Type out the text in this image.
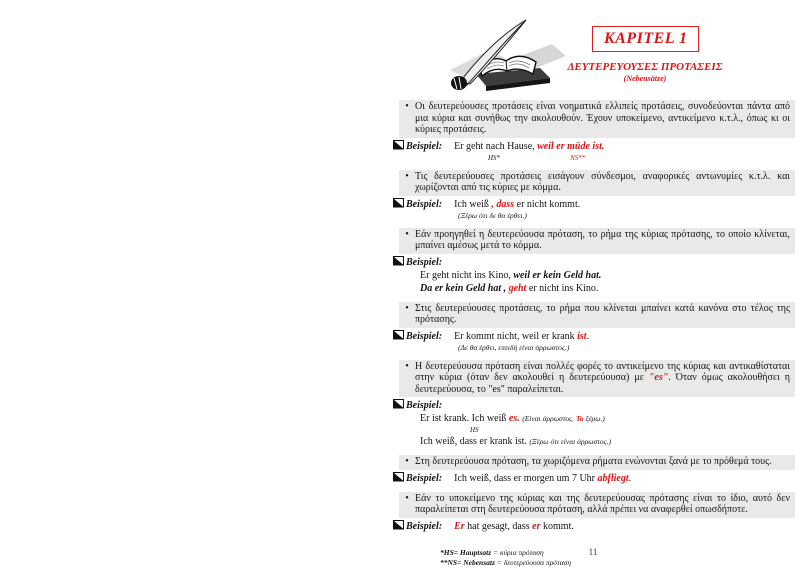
KAPITEL 1
ΔΕΥΤΕΡΕΥΟΥΣΕΣ ΠΡΟΤΑΣΕΙΣ
(Nebensätze)
• Οι δευτερεύουσες προτάσεις είναι νοηματικά ελλιπείς προτάσεις, συνοδεύονται πάντα από μια κύρια και συνήθως την ακολουθούν. Έχουν υποκείμενο, αντικείμενο κ.τ.λ., όπως κι οι κύριες προτάσεις.
Beispiel: Er geht nach Hause, weil er müde ist.
HS*	NS**
• Τις δευτερεύουσες προτάσεις εισάγουν σύνδεσμοι, αναφορικές αντωνυμίες κ.τ.λ. και χωρίζονται από τις κύριες με κόμμα.
Beispiel: Ich weiß , dass er nicht kommt.
(Ξέρω ότι δε θα έρθει.)
• Εάν προηγηθεί η δευτερεύουσα πρόταση, το ρήμα της κύριας πρότασης, το οποίο κλίνεται, μπαίνει αμέσως μετά το κόμμα.
Beispiel:
Er geht nicht ins Kino, weil er kein Geld hat.
Da er kein Geld hat , geht er nicht ins Kino.
• Στις δευτερεύουσες προτάσεις, το ρήμα που κλίνεται μπαίνει κατά κανόνα στο τέλος της πρότασης.
Beispiel: Er kommt nicht, weil er krank ist.
(Δε θα έρθει, επειδή είναι άρρωστος.)
• Η δευτερεύουσα πρόταση είναι πολλές φορές το αντικείμενο της κύριας και αντικαθίσταται στην κύρια (όταν δεν ακολουθεί η δευτερεύουσα) με "es". Όταν όμως ακολουθήσει η δευτερεύουσα, το "es" παραλείπεται.
Beispiel:
Er ist krank. Ich weiß es. (Είναι άρρωστος. Το ξέρω.)
HS
Ich weiß, dass er krank ist. (Ξέρω ότι είναι άρρωστος.)
• Στη δευτερεύουσα πρόταση, τα χωριζόμενα ρήματα ενώνονται ξανά με το πρόθεμά τους.
Beispiel: Ich weiß, dass er morgen um 7 Uhr abfliegt.
• Εάν το υποκείμενο της κύριας και της δευτερεύουσας πρότασης είναι το ίδιο, αυτό δεν παραλείπεται στη δευτερεύουσα πρόταση, αλλά πρέπει να αναφερθεί οπωσδήποτε.
Beispiel: Er hat gesagt, dass er kommt.
*HS= Hauptsatz = κύρια πρόταση
**NS= Nebensatz = δευτερεύουσα πρόταση
11
